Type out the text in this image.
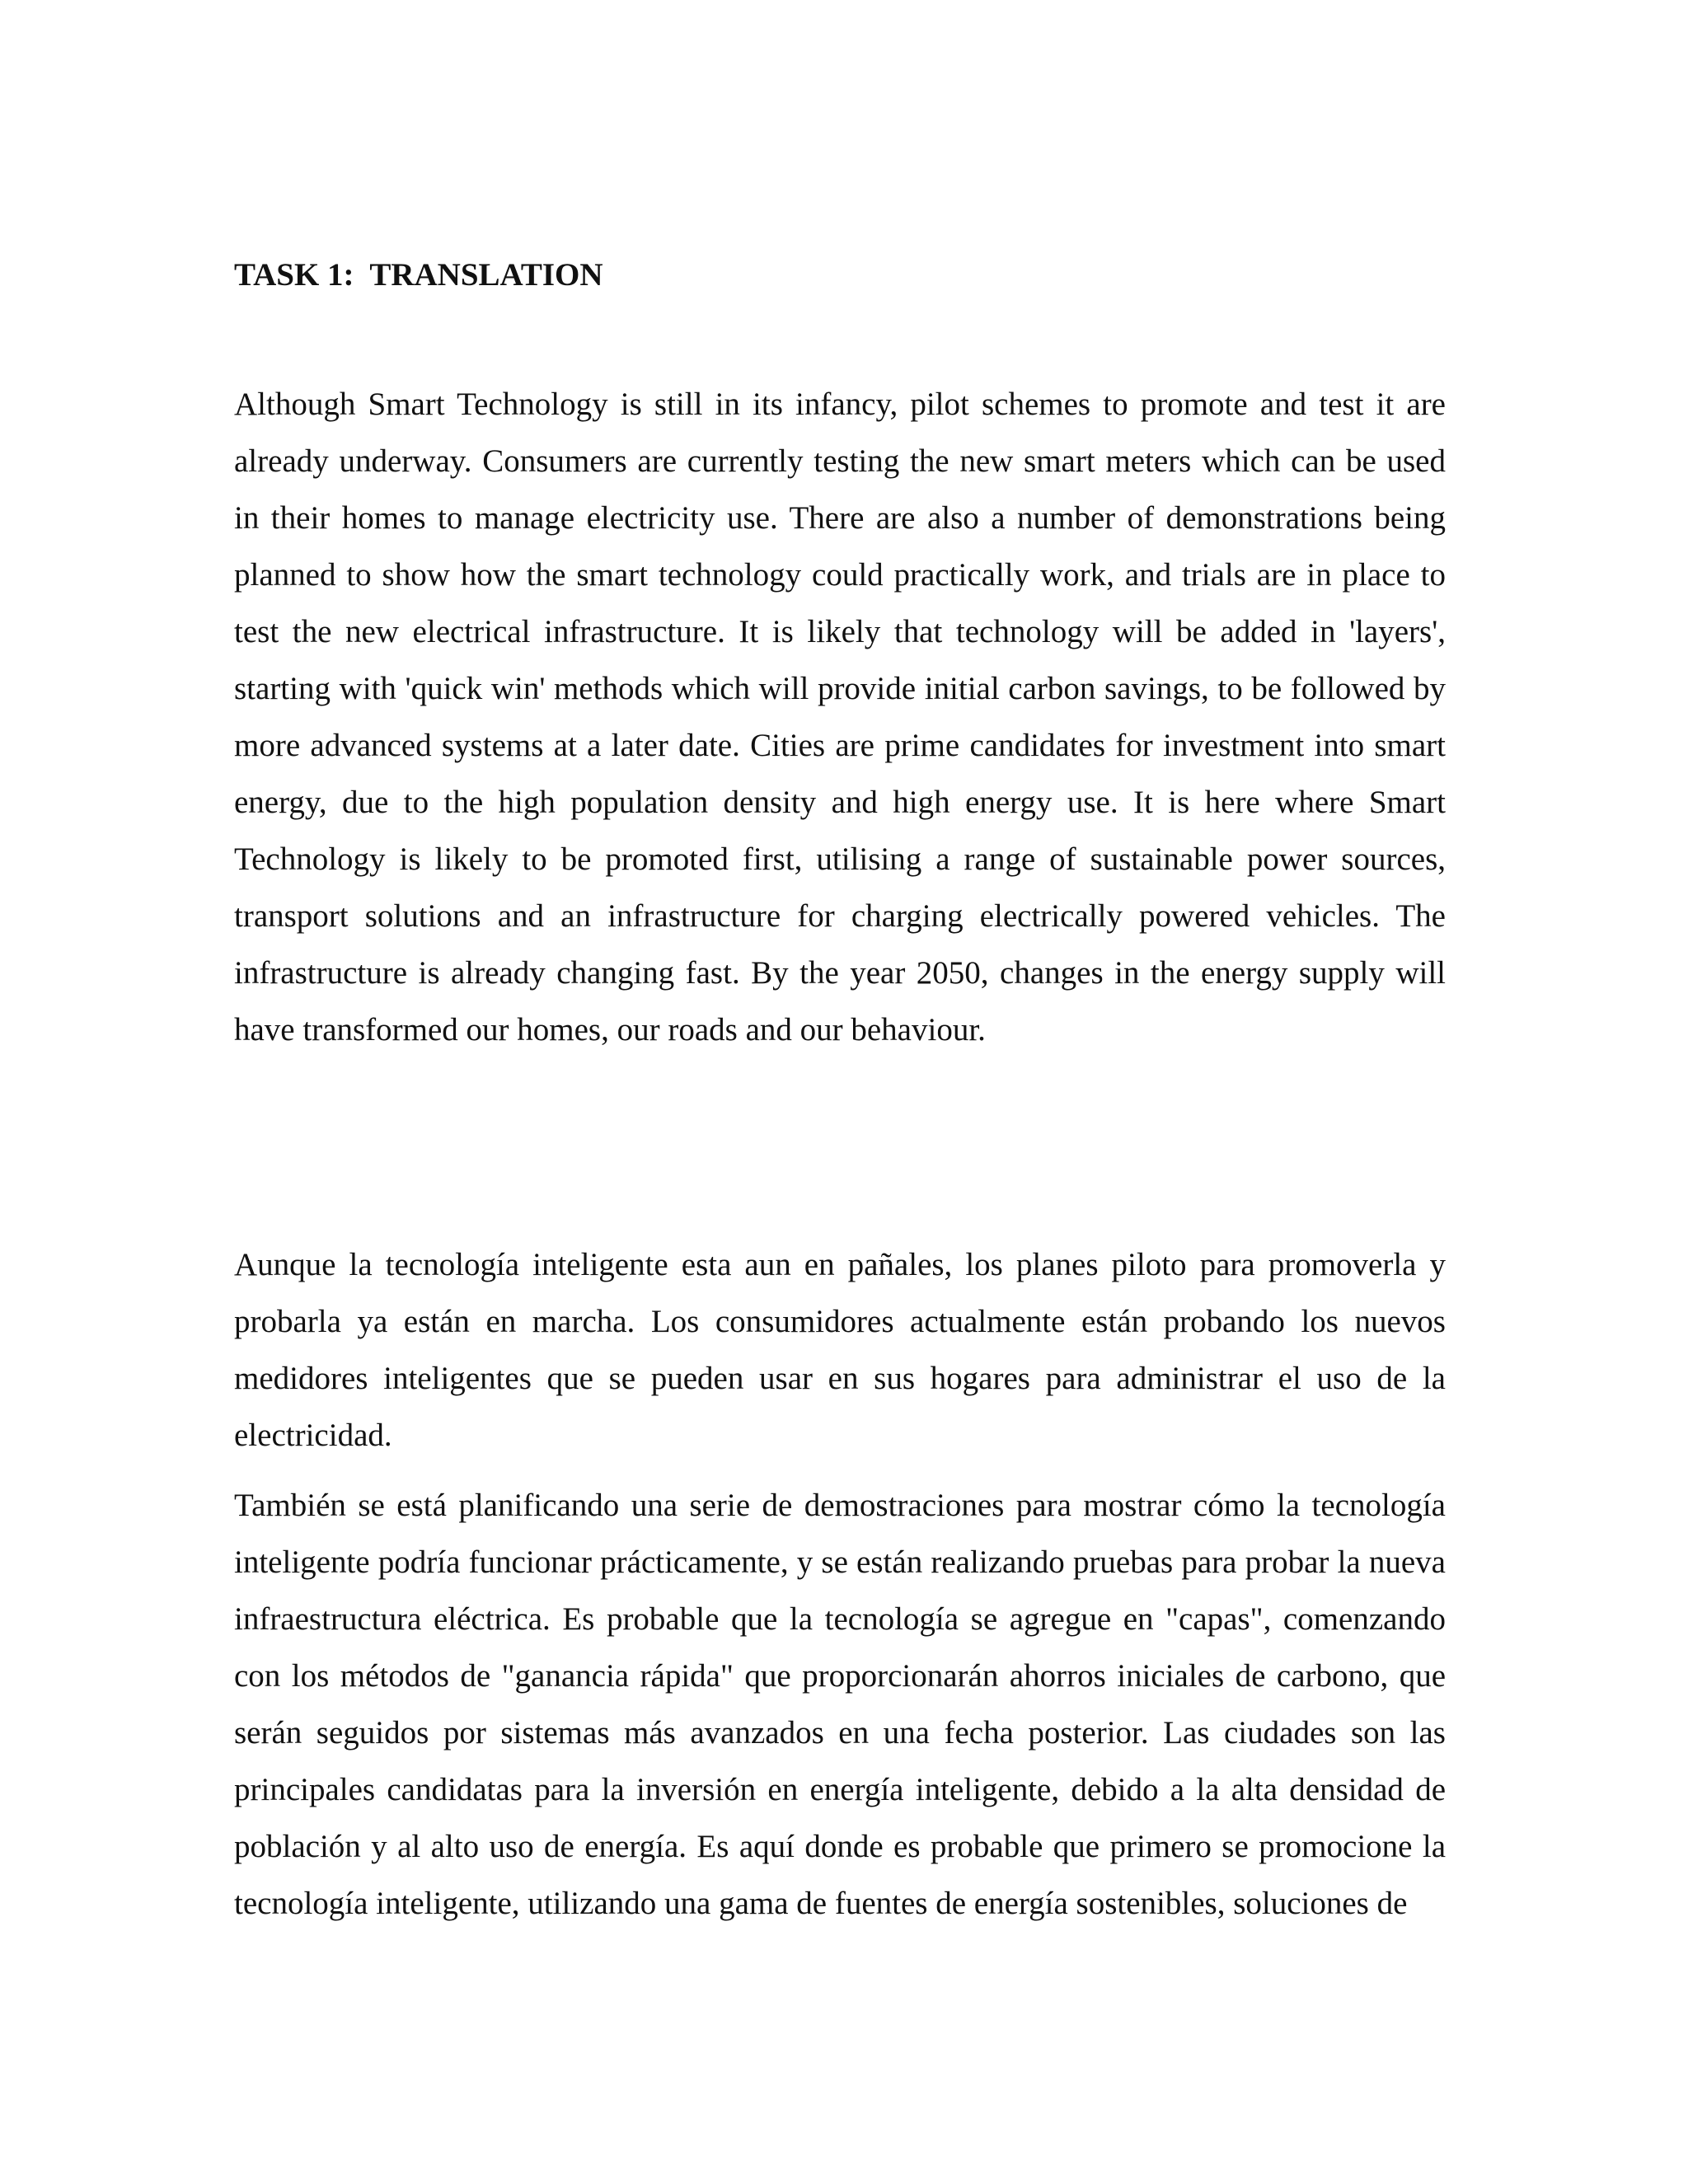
TASK 1:  TRANSLATION

Although Smart Technology is still in its infancy, pilot schemes to promote and test it are already underway. Consumers are currently testing the new smart meters which can be used in their homes to manage electricity use. There are also a number of demonstrations being planned to show how the smart technology could practically work, and trials are in place to test the new electrical infrastructure. It is likely that technology will be added in 'layers', starting with 'quick win' methods which will provide initial carbon savings, to be followed by more advanced systems at a later date. Cities are prime candidates for investment into smart energy, due to the high population density and high energy use. It is here where Smart Technology is likely to be promoted first, utilising a range of sustainable power sources, transport solutions and an infrastructure for charging electrically powered vehicles. The infrastructure is already changing fast. By the year 2050, changes in the energy supply will have transformed our homes, our roads and our behaviour.

Aunque la tecnología inteligente esta aun en pañales, los planes piloto para promoverla y probarla ya están en marcha. Los consumidores actualmente están probando los nuevos medidores inteligentes que se pueden usar en sus hogares para administrar el uso de la electricidad.

También se está planificando una serie de demostraciones para mostrar cómo la tecnología inteligente podría funcionar prácticamente, y se están realizando pruebas para probar la nueva infraestructura eléctrica. Es probable que la tecnología se agregue en "capas", comenzando con los métodos de "ganancia rápida" que proporcionarán ahorros iniciales de carbono, que serán seguidos por sistemas más avanzados en una fecha posterior. Las ciudades son las principales candidatas para la inversión en energía inteligente, debido a la alta densidad de población y al alto uso de energía. Es aquí donde es probable que primero se promocione la tecnología inteligente, utilizando una gama de fuentes de energía sostenibles, soluciones de
